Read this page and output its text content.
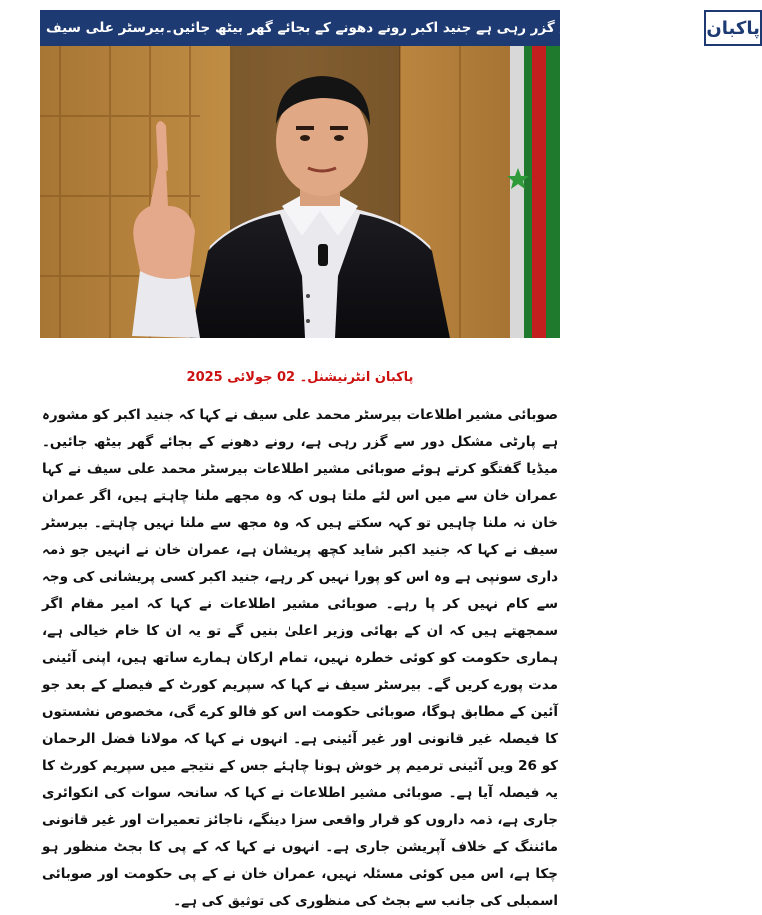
پارٹی مشکل دور سے گزر رہی ہے جنید اکبر رونے دھونے کے بجائے گھر بیٹھ جائیں۔بیرسٹر علی سیف پاکبان
پاکبان انٹرنیشنل۔ 02 جولائی 2025
صوبائی مشیر اطلاعات بیرسٹر محمد علی سیف نے کہا کہ جنید اکبر کو مشورہ ہے پارٹی مشکل دور سے گزر رہی ہے، رونے دھونے کے بجائے گھر بیٹھ جائیں۔ میڈیا گفتگو کرتے ہوئے صوبائی مشیر اطلاعات بیرسٹر محمد علی سیف نے کہا عمران خان سے میں اس لئے ملتا ہوں کہ وہ مجھے ملنا چاہتے ہیں، اگر عمران خان نہ ملنا چاہیں تو کہہ سکتے ہیں کہ وہ مجھ سے ملنا نہیں چاہتے۔ بیرسٹر سیف نے کہا کہ جنید اکبر شاید کچھ پریشان ہے، عمران خان نے انہیں جو ذمہ داری سونپی ہے وہ اس کو پورا نہیں کر رہے، جنید اکبر کسی پریشانی کی وجہ سے کام نہیں کر پا رہے۔ صوبائی مشیر اطلاعات نے کہا کہ امیر مقام اگر سمجھتے ہیں کہ ان کے بھائی وزیر اعلیٰ بنیں گے تو یہ ان کا خام خیالی ہے، ہماری حکومت کو کوئی خطرہ نہیں، تمام ارکان ہمارے ساتھ ہیں، اپنی آئینی مدت پورے کریں گے۔ بیرسٹر سیف نے کہا کہ سپریم کورٹ کے فیصلے کے بعد جو آئین کے مطابق ہوگا، صوبائی حکومت اس کو فالو کرے گی، مخصوص نشستوں کا فیصلہ غیر قانونی اور غیر آئینی ہے۔ انہوں نے کہا کہ مولانا فضل الرحمان کو 26 ویں آئینی ترمیم پر خوش ہونا چاہئے جس کے نتیجے میں سپریم کورٹ کا یہ فیصلہ آیا ہے۔ صوبائی مشیر اطلاعات نے کہا کہ سانحہ سوات کی انکوائری جاری ہے، ذمہ داروں کو قرار واقعی سزا دینگے، ناجائز تعمیرات اور غیر قانونی مائننگ کے خلاف آپریشن جاری ہے۔ انہوں نے کہا کہ کے پی کا بجٹ منظور ہو چکا ہے، اس میں کوئی مسئلہ نہیں، عمران خان نے کے پی حکومت اور صوبائی اسمبلی کی جانب سے بجٹ کی منظوری کی توثیق کی ہے۔
